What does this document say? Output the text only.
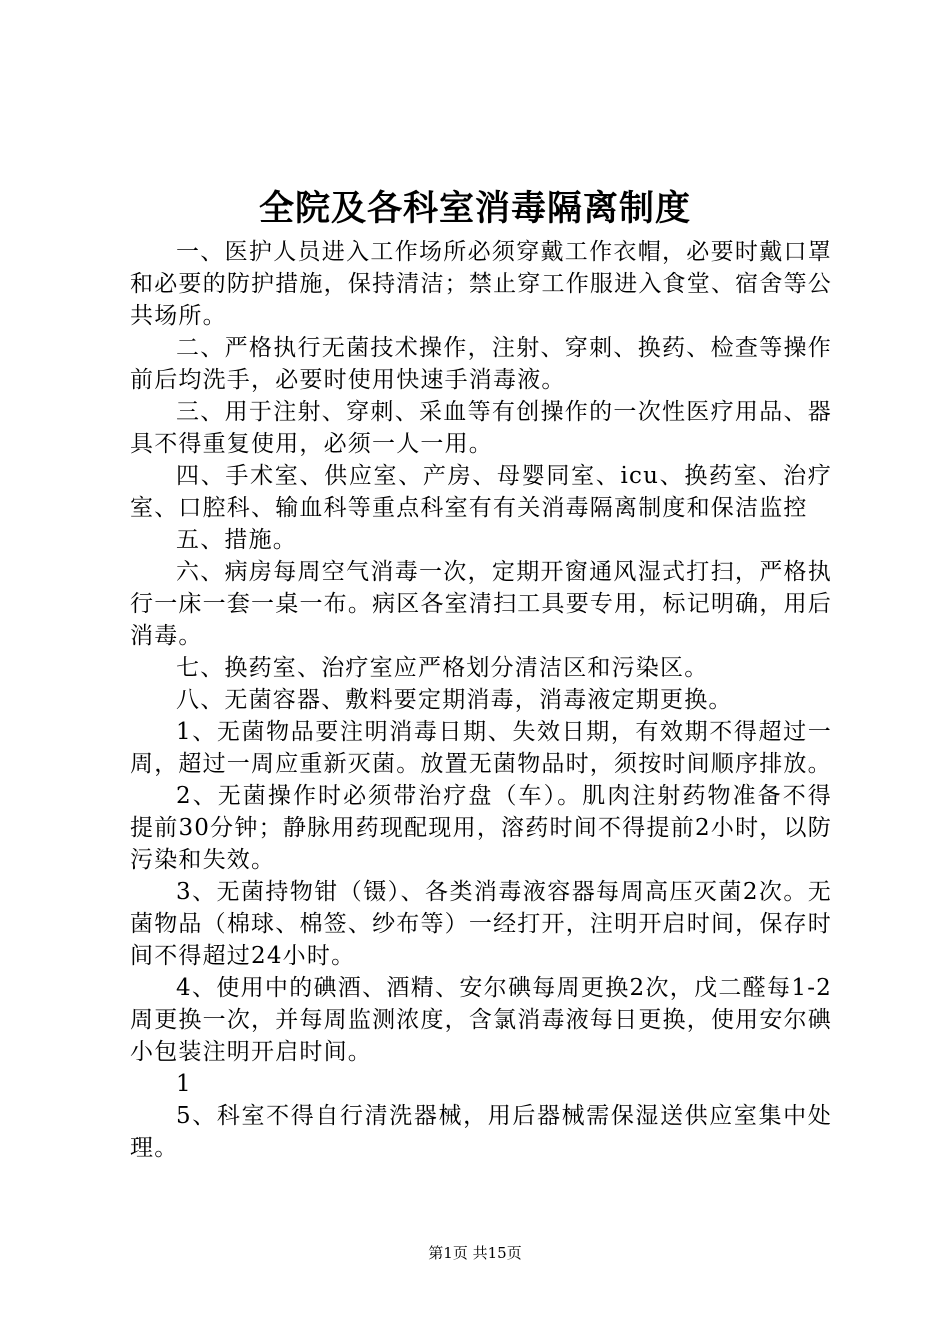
全院及各科室消毒隔离制度

一、医护人员进入工作场所必须穿戴工作衣帽，必要时戴口罩和必要的防护措施，保持清洁；禁止穿工作服进入食堂、宿舍等公共场所。

二、严格执行无菌技术操作，注射、穿刺、换药、检查等操作前后均洗手，必要时使用快速手消毒液。

三、用于注射、穿刺、采血等有创操作的一次性医疗用品、器具不得重复使用，必须一人一用。

四、手术室、供应室、产房、母婴同室、icu、换药室、治疗室、口腔科、输血科等重点科室有有关消毒隔离制度和保洁监控

五、措施。

六、病房每周空气消毒一次，定期开窗通风湿式打扫，严格执行一床一套一桌一布。病区各室清扫工具要专用，标记明确，用后消毒。

七、换药室、治疗室应严格划分清洁区和污染区。

八、无菌容器、敷料要定期消毒，消毒液定期更换。

1、无菌物品要注明消毒日期、失效日期，有效期不得超过一周，超过一周应重新灭菌。放置无菌物品时，须按时间顺序排放。

2、无菌操作时必须带治疗盘（车）。肌肉注射药物准备不得提前30分钟；静脉用药现配现用，溶药时间不得提前2小时，以防污染和失效。

3、无菌持物钳（镊）、各类消毒液容器每周高压灭菌2次。无菌物品（棉球、棉签、纱布等）一经打开，注明开启时间，保存时间不得超过24小时。

4、使用中的碘酒、酒精、安尔碘每周更换2次，戊二醛每1-2周更换一次，并每周监测浓度，含氯消毒液每日更换，使用安尔碘小包装注明开启时间。

1

5、科室不得自行清洗器械，用后器械需保湿送供应室集中处理。

第1页 共15页
